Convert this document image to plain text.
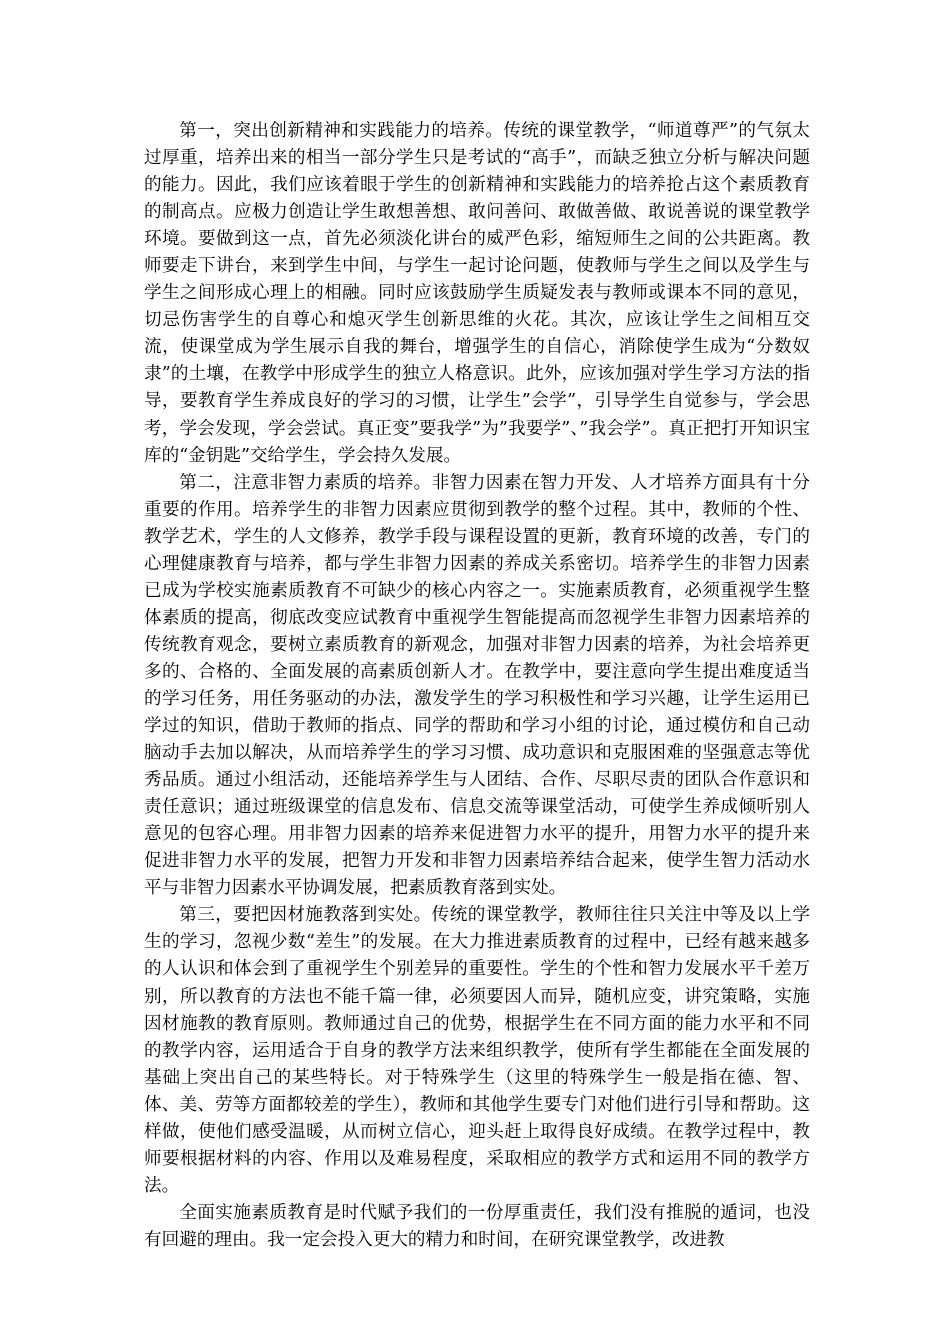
第一，突出创新精神和实践能力的培养。传统的课堂教学，“师道尊严”的气氛太过厚重，培养出来的相当一部分学生只是考试的“高手”，而缺乏独立分析与解决问题的能力。因此，我们应该着眼于学生的创新精神和实践能力的培养抢占这个素质教育的制高点。应极力创造让学生敢想善想、敢问善问、敢做善做、敢说善说的课堂教学环境。要做到这一点，首先必须淡化讲台的威严色彩，缩短师生之间的公共距离。教师要走下讲台，来到学生中间，与学生一起讨论问题，使教师与学生之间以及学生与学生之间形成心理上的相融。同时应该鼓励学生质疑发表与教师或课本不同的意见，切忌伤害学生的自尊心和熄灭学生创新思维的火花。其次，应该让学生之间相互交流，使课堂成为学生展示自我的舞台，增强学生的自信心，消除使学生成为“分数奴隶”的土壤，在教学中形成学生的独立人格意识。此外，应该加强对学生学习方法的指导，要教育学生养成良好的学习的习惯，让学生”会学”，引导学生自觉参与，学会思考，学会发现，学会尝试。真正变”要我学”为”我要学”、”我会学”。真正把打开知识宝库的“金钥匙”交给学生，学会持久发展。

第二，注意非智力素质的培养。非智力因素在智力开发、人才培养方面具有十分重要的作用。培养学生的非智力因素应贯彻到教学的整个过程。其中，教师的个性、教学艺术，学生的人文修养，教学手段与课程设置的更新，教育环境的改善，专门的心理健康教育与培养，都与学生非智力因素的养成关系密切。培养学生的非智力因素已成为学校实施素质教育不可缺少的核心内容之一。实施素质教育，必须重视学生整体素质的提高，彻底改变应试教育中重视学生智能提高而忽视学生非智力因素培养的传统教育观念，要树立素质教育的新观念，加强对非智力因素的培养，为社会培养更多的、合格的、全面发展的高素质创新人才。在教学中，要注意向学生提出难度适当的学习任务，用任务驱动的办法，激发学生的学习积极性和学习兴趣，让学生运用已学过的知识，借助于教师的指点、同学的帮助和学习小组的讨论，通过模仿和自己动脑动手去加以解决，从而培养学生的学习习惯、成功意识和克服困难的坚强意志等优秀品质。通过小组活动，还能培养学生与人团结、合作、尽职尽责的团队合作意识和责任意识；通过班级课堂的信息发布、信息交流等课堂活动，可使学生养成倾听别人意见的包容心理。用非智力因素的培养来促进智力水平的提升，用智力水平的提升来促进非智力水平的发展，把智力开发和非智力因素培养结合起来，使学生智力活动水平与非智力因素水平协调发展，把素质教育落到实处。

第三，要把因材施教落到实处。传统的课堂教学，教师往往只关注中等及以上学生的学习，忽视少数“差生”的发展。在大力推进素质教育的过程中，已经有越来越多的人认识和体会到了重视学生个别差异的重要性。学生的个性和智力发展水平千差万别，所以教育的方法也不能千篇一律，必须要因人而异，随机应变，讲究策略，实施因材施教的教育原则。教师通过自己的优势，根据学生在不同方面的能力水平和不同的教学内容，运用适合于自身的教学方法来组织教学，使所有学生都能在全面发展的基础上突出自己的某些特长。对于特殊学生（这里的特殊学生一般是指在德、智、体、美、劳等方面都较差的学生），教师和其他学生要专门对他们进行引导和帮助。这样做，使他们感受温暖，从而树立信心，迎头赶上取得良好成绩。在教学过程中，教师要根据材料的内容、作用以及难易程度，采取相应的教学方式和运用不同的教学方法。

全面实施素质教育是时代赋予我们的一份厚重责任，我们没有推脱的遁词，也没有回避的理由。我一定会投入更大的精力和时间，在研究课堂教学，改进教
